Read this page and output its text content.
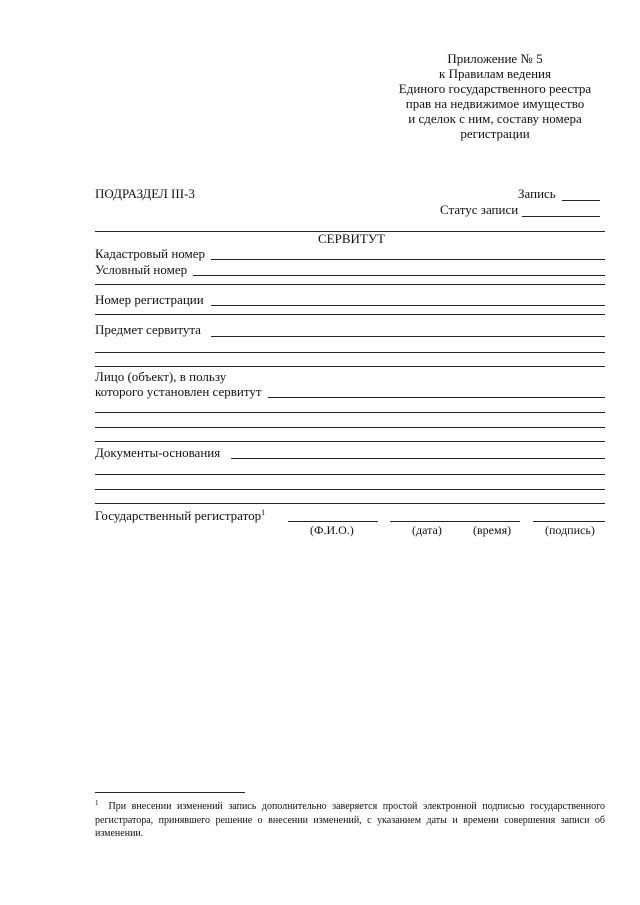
Приложение № 5
к Правилам ведения
Единого государственного реестра
прав на недвижимое имущество
и сделок с ним, составу номера
регистрации
ПОДРАЗДЕЛ III-3	Запись
Статус записи
СЕРВИТУТ
Кадастровый номер
Условный номер
Номер регистрации
Предмет сервитута
Лицо (объект), в пользу
которого установлен сервитут
Документы-основания
Государственный регистратор$^1$
(Ф.И.О.)	(дата)	(время)	(подпись)
$^1$ При внесении изменений запись дополнительно заверяется простой электронной подписью государственного регистратора, принявшего решение о внесении изменений, с указанием даты и времени совершения записи об изменении.
